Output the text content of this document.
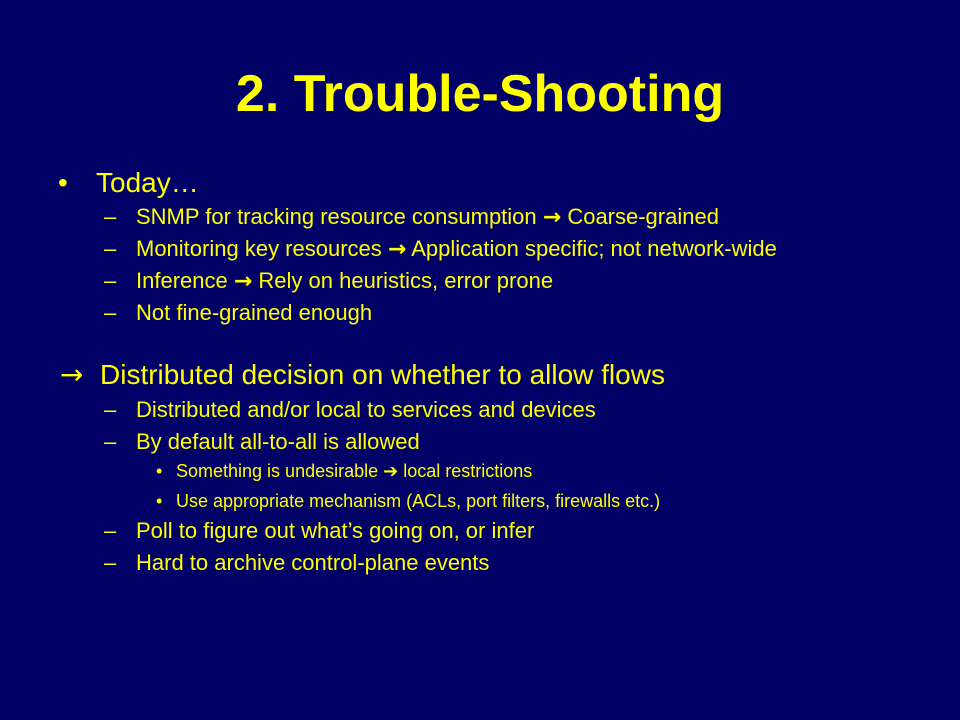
2. Trouble-Shooting
• Today…
– SNMP for tracking resource consumption → Coarse-grained
– Monitoring key resources → Application specific; not network-wide
– Inference → Rely on heuristics, error prone
– Not fine-grained enough
→ Distributed decision on whether to allow flows
– Distributed and/or local to services and devices
– By default all-to-all is allowed
• Something is undesirable ➔ local restrictions
• Use appropriate mechanism (ACLs, port filters, firewalls etc.)
– Poll to figure out what’s going on, or infer
– Hard to archive control-plane events
